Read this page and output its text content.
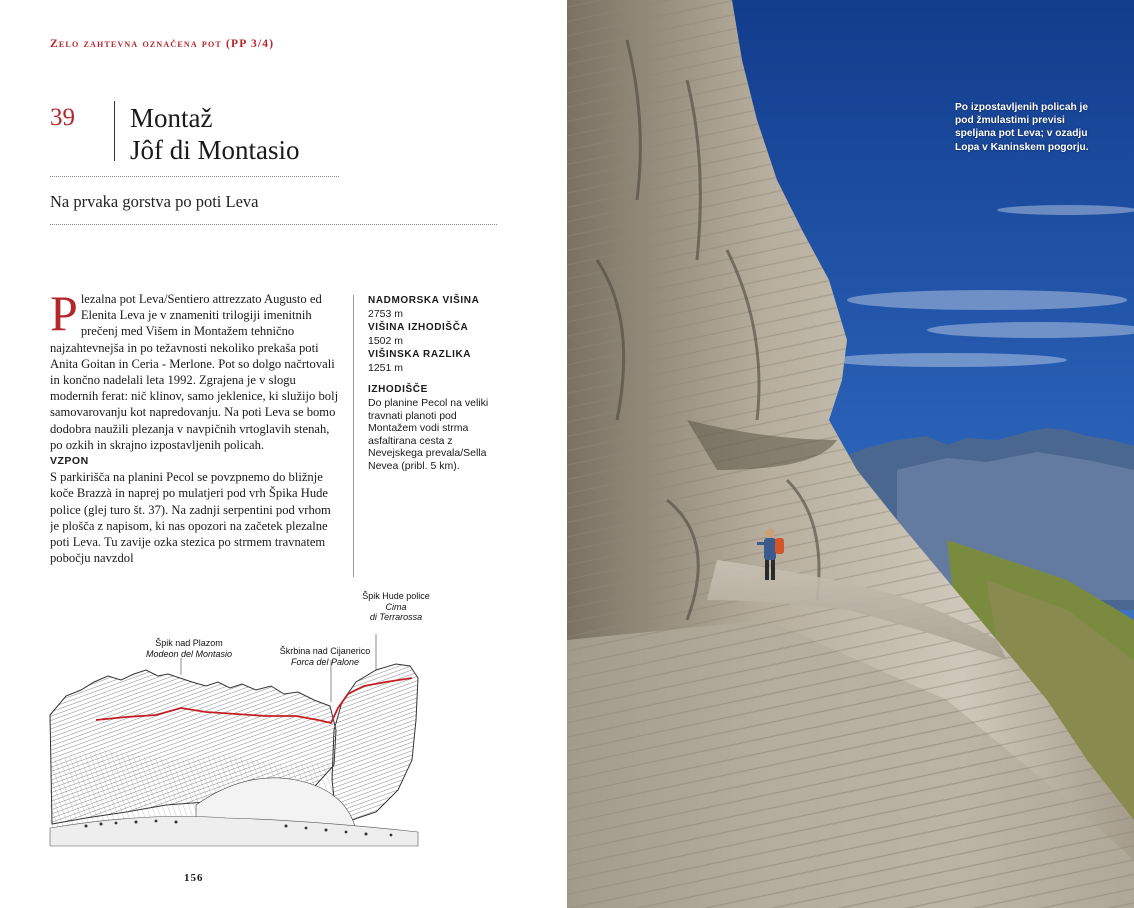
Zelo zahtevna označena pot (PP 3/4)
39 Montaž
Jôf di Montasio
Na prvaka gorstva po poti Leva

Plezalna pot Leva/Sentiero attrezzato Augusto ed Elenita Leva je v znameniti trilogiji imenitnih prečenj med Višem in Montažem tehnično najzahtevnejša in po težavnosti nekoliko prekaša poti Anita Goitan in Ceria - Merlone. Pot so dolgo načrtovali in končno nadelali leta 1992. Zgrajena je v slogu modernih ferat: nič klinov, samo jeklenice, ki služijo bolj samovarovanju kot napredovanju. Na poti Leva se bomo dodobra naužili plezanja v navpičnih vrtoglavih stenah, po ozkih in skrajno izpostavljenih policah.

VZPON
S parkirišča na planini Pecol se povzpnemo do bližnje koče Brazzà in naprej po mulatjeri pod vrh Špika Hude police (glej turo št. 37). Na zadnji serpentini pod vrhom je plošča z napisom, ki nas opozori na začetek plezalne poti Leva. Tu zavije ozka stezica po strmem travnatem pobočju navzdol

NADMORSKA VIŠINA
2753 m
VIŠINA IZHODIŠČA
1502 m
VIŠINSKA RAZLIKA
1251 m
IZHODIŠČE
Do planine Pecol na veliki travnati planoti pod Montažem vodi strma asfaltirana cesta z Nevejskega prevala/Sella Nevea (pribl. 5 km).
Špik nad Plazom
Modeon del Montasio	Škrbina nad Cijanerico
Forca del Palone
Špik Hude police
Cima
di Terrarossa
156
Po izpostavljenih policah je pod žmulastimi previsi speljana pot Leva; v ozadju Lopa v Kaninskem pogorju.
